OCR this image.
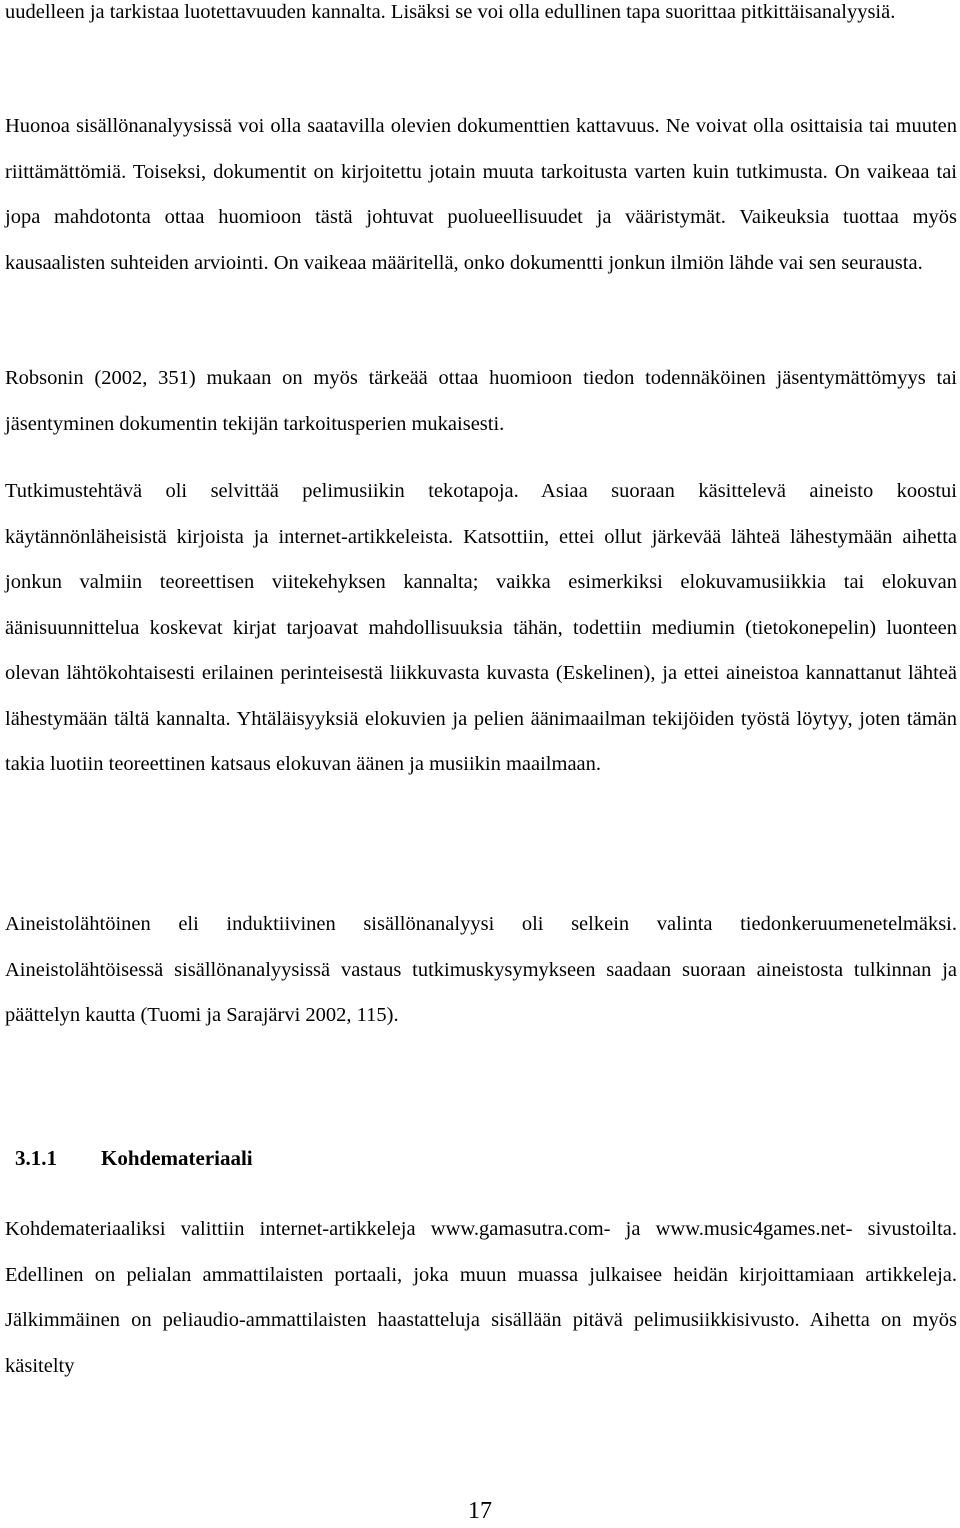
uudelleen ja tarkistaa luotettavuuden kannalta. Lisäksi se voi olla edullinen tapa suorittaa pitkittäisanalyysiä.

Huonoa sisällönanalyysissä voi olla saatavilla olevien dokumenttien kattavuus. Ne voivat olla osittaisia tai muuten riittämättömiä. Toiseksi, dokumentit on kirjoitettu jotain muuta tarkoitusta varten kuin tutkimusta. On vaikeaa tai jopa mahdotonta ottaa huomioon tästä johtuvat puolueellisuudet ja vääristymät. Vaikeuksia tuottaa myös kausaalisten suhteiden arviointi. On vaikeaa määritellä, onko dokumentti jonkun ilmiön lähde vai sen seurausta.

Robsonin (2002, 351) mukaan on myös tärkeää ottaa huomioon tiedon todennäköinen jäsentymättömyys tai jäsentyminen dokumentin tekijän tarkoitusperien mukaisesti.

Tutkimustehtävä oli selvittää pelimusiikin tekotapoja. Asiaa suoraan käsittelevä aineisto koostui käytännönläheisistä kirjoista ja internet-artikkeleista. Katsottiin, ettei ollut järkevää lähteä lähestymään aihetta jonkun valmiin teoreettisen viitekehyksen kannalta; vaikka esimerkiksi elokuvamusiikkia tai elokuvan äänisuunnittelua koskevat kirjat tarjoavat mahdollisuuksia tähän, todettiin mediumin (tietokonepelin) luonteen olevan lähtökohtaisesti erilainen perinteisestä liikkuvasta kuvasta (Eskelinen), ja ettei aineistoa kannattanut lähteä lähestymään tältä kannalta. Yhtäläisyyksiä elokuvien ja pelien äänimaailman tekijöiden työstä löytyy, joten tämän takia luotiin teoreettinen katsaus elokuvan äänen ja musiikin maailmaan.

Aineistolähtöinen eli induktiivinen sisällönanalyysi oli selkein valinta tiedonkeruumenetelmäksi. Aineistolähtöisessä sisällönanalyysissä vastaus tutkimuskysymykseen saadaan suoraan aineistosta tulkinnan ja päättelyn kautta (Tuomi ja Sarajärvi 2002, 115).

3.1.1 Kohdemateriaali

Kohdemateriaaliksi valittiin internet-artikkeleja www.gamasutra.com- ja www.music4games.net- sivustoilta. Edellinen on pelialan ammattilaisten portaali, joka muun muassa julkaisee heidän kirjoittamiaan artikkeleja. Jälkimmäinen on peliaudio-ammattilaisten haastatteluja sisällään pitävä pelimusiikkisivusto. Aihetta on myös käsitelty

17
